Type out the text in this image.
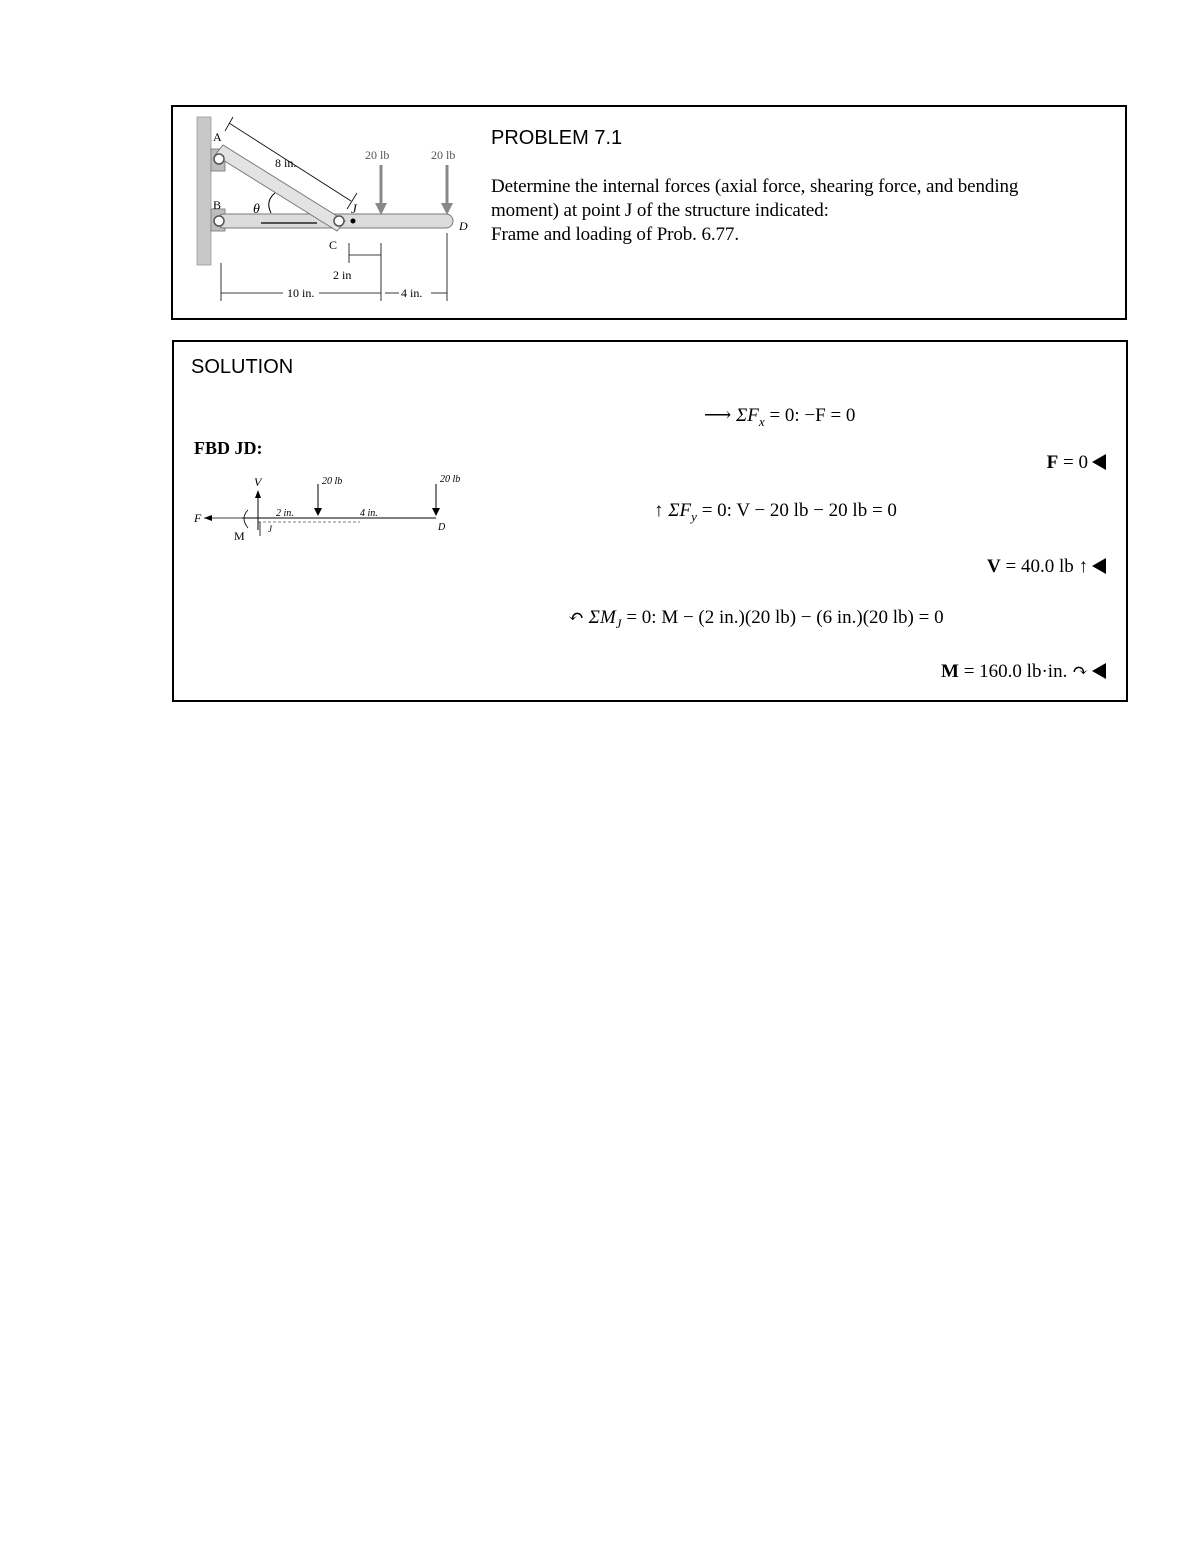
A
B
C
D
J
θ
8 in.
20 lb	20 lb
2 in
10 in.	4 in.
PROBLEM 7.1
Determine the internal forces (axial force, shearing force, and bending
moment) at point J of the structure indicated:
Frame and loading of Prob. 6.77.
SOLUTION
FBD JD:
V
F
M	J	D
20 lb	20 lb
2 in.	4 in.
⟶ $\Sigma F_x = 0$: −F = 0
F = 0
↑ $\Sigma F_y = 0$: V − 20 lb − 20 lb = 0
V = 40.0 lb ↑
↶ $\Sigma M_J = 0$: M − (2 in.)(20 lb) − (6 in.)(20 lb) = 0
M = 160.0 lb·in. ↷
